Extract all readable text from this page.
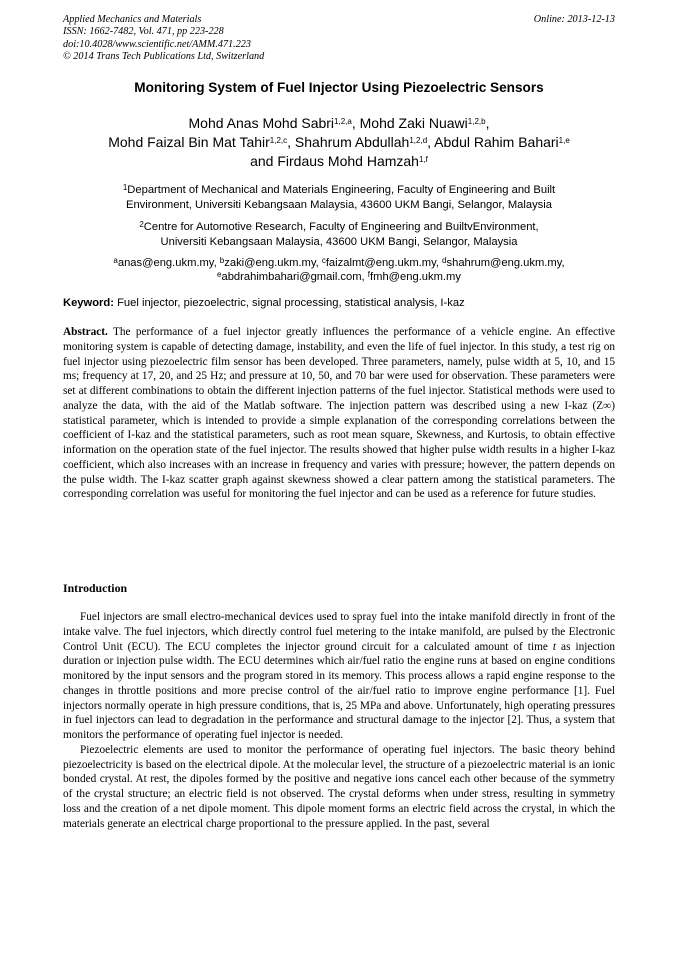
Applied Mechanics and Materials
ISSN: 1662-7482, Vol. 471, pp 223-228
doi:10.4028/www.scientific.net/AMM.471.223
© 2014 Trans Tech Publications Ltd, Switzerland
Online: 2013-12-13
Monitoring System of Fuel Injector Using Piezoelectric Sensors
Mohd Anas Mohd Sabri$^{1,2,a}$, Mohd Zaki Nuawi$^{1,2,b}$,
Mohd Faizal Bin Mat Tahir$^{1,2,c}$, Shahrum Abdullah$^{1,2,d}$, Abdul Rahim Bahari$^{1,e}$
and Firdaus Mohd Hamzah$^{1,f}$
$^1$Department of Mechanical and Materials Engineering, Faculty of Engineering and Built
Environment, Universiti Kebangsaan Malaysia, 43600 UKM Bangi, Selangor, Malaysia
$^2$Centre for Automotive Research, Faculty of Engineering and BuiltvEnvironment,
Universiti Kebangsaan Malaysia, 43600 UKM Bangi, Selangor, Malaysia
$^a$anas@eng.ukm.my, $^b$zaki@eng.ukm.my, $^c$faizalmt@eng.ukm.my, $^d$shahrum@eng.ukm.my,
$^e$abdrahimbahari@gmail.com, $^f$fmh@eng.ukm.my
Keyword: Fuel injector, piezoelectric, signal processing, statistical analysis, I-kaz

Abstract. The performance of a fuel injector greatly influences the performance of a vehicle engine. An effective monitoring system is capable of detecting damage, instability, and even the life of fuel injector. In this study, a test rig on fuel injector using piezoelectric film sensor has been developed. Three parameters, namely, pulse width at 5, 10, and 15 ms; frequency at 17, 20, and 25 Hz; and pressure at 10, 50, and 70 bar were used for observation. These parameters were set at different combinations to obtain the different injection patterns of the fuel injector. Statistical methods were used to analyze the data, with the aid of the Matlab software. The injection pattern was described using a new I-kaz (Z∞) statistical parameter, which is intended to provide a simple explanation of the corresponding correlations between the coefficient of I-kaz and the statistical parameters, such as root mean square, Skewness, and Kurtosis, to obtain effective information on the operation state of the fuel injector. The results showed that higher pulse width results in a higher I-kaz coefficient, which also increases with an increase in frequency and varies with pressure; however, the pattern depends on the pulse width. The I-kaz scatter graph against skewness showed a clear pattern among the statistical parameters. The corresponding correlation was useful for monitoring the fuel injector and can be used as a reference for future studies.

Introduction

Fuel injectors are small electro-mechanical devices used to spray fuel into the intake manifold directly in front of the intake valve. The fuel injectors, which directly control fuel metering to the intake manifold, are pulsed by the Electronic Control Unit (ECU). The ECU completes the injector ground circuit for a calculated amount of time t as injection duration or injection pulse width. The ECU determines which air/fuel ratio the engine runs at based on engine conditions monitored by the input sensors and the program stored in its memory. This process allows a rapid engine response to the changes in throttle positions and more precise control of the air/fuel ratio to improve engine performance [1]. Fuel injectors normally operate in high pressure conditions, that is, 25 MPa and above. Unfortunately, high operating pressures in fuel injectors can lead to degradation in the performance and structural damage to the injector [2]. Thus, a system that monitors the performance of operating fuel injector is needed.

Piezoelectric elements are used to monitor the performance of operating fuel injectors. The basic theory behind piezoelectricity is based on the electrical dipole. At the molecular level, the structure of a piezoelectric material is an ionic bonded crystal. At rest, the dipoles formed by the positive and negative ions cancel each other because of the symmetry of the crystal structure; an electric field is not observed. The crystal deforms when under stress, resulting in symmetry loss and the creation of a net dipole moment. This dipole moment forms an electric field across the crystal, in which the materials generate an electrical charge proportional to the pressure applied. In the past, several
